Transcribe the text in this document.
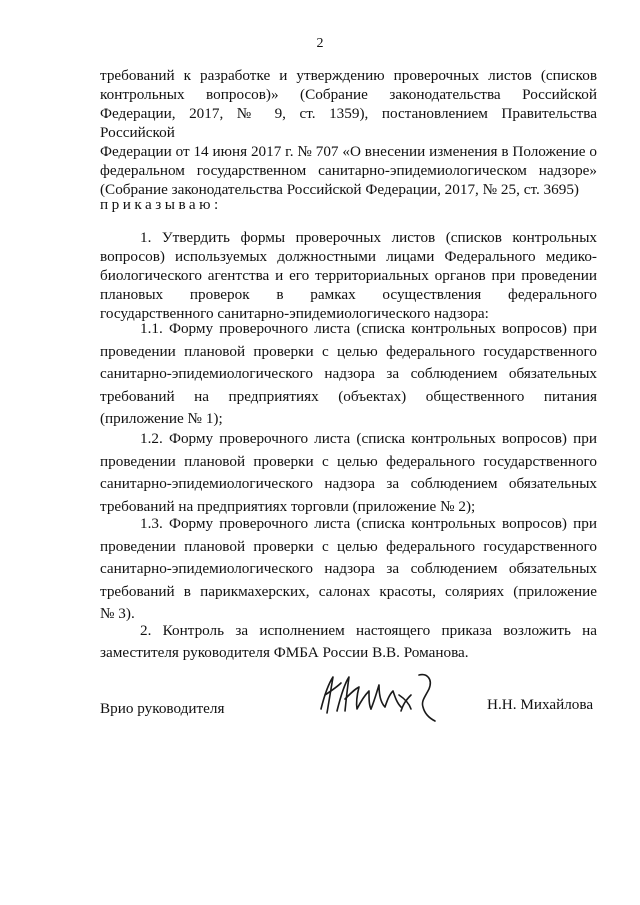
2
требований к разработке и утверждению проверочных листов (списков
контрольных вопросов)» (Собрание законодательства Российской
Федерации, 2017, № 9, ст. 1359), постановлением Правительства Российской
Федерации от 14 июня 2017 г. № 707 «О внесении изменения в Положение о
федеральном государственном санитарно-эпидемиологическом надзоре»
(Собрание законодательства Российской Федерации, 2017, № 25, ст. 3695)
приказываю:
1. Утвердить формы проверочных листов (списков контрольных
вопросов) используемых должностными лицами Федерального медико-
биологического агентства и его территориальных органов при проведении
плановых проверок в рамках осуществления федерального
государственного санитарно-эпидемиологического надзора:
1.1. Форму проверочного листа (списка контрольных вопросов) при
проведении плановой проверки с целью федерального государственного
санитарно-эпидемиологического надзора за соблюдением обязательных
требований на предприятиях (объектах) общественного питания
(приложение № 1);
1.2. Форму проверочного листа (списка контрольных вопросов) при
проведении плановой проверки с целью федерального государственного
санитарно-эпидемиологического надзора за соблюдением обязательных
требований на предприятиях торговли (приложение № 2);
1.3. Форму проверочного листа (списка контрольных вопросов) при
проведении плановой проверки с целью федерального государственного
санитарно-эпидемиологического надзора за соблюдением обязательных
требований в парикмахерских, салонах красоты, соляриях (приложение
№ 3).
2. Контроль за исполнением настоящего приказа возложить на
заместителя руководителя ФМБА России В.В. Романова.
Врио руководителя	Н.Н. Михайлова
